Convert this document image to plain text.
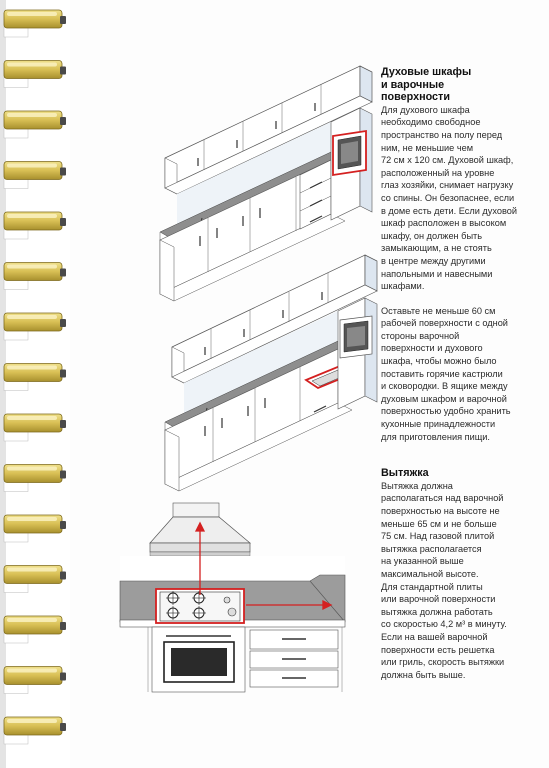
Духовые шкафы

и варочные

поверхности

Для духового шкафа

необходимо свободное

пространство на полу перед

ним, не меньшие чем

72 см х 120 см. Духовой шкаф,

расположенный на уровне

глаз хозяйки, снимает нагрузку

со спины. Он безопаснее, если

в доме есть дети. Если духовой

шкаф расположен в высоком

шкафу, он должен быть

замыкающим, а не стоять

в центре между другими

напольными и навесными

шкафами.

Оставьте не меньше 60 см

рабочей поверхности с одной

стороны варочной

поверхности и духового

шкафа, чтобы можно было

поставить горячие кастрюли

и сковородки. В ящике между

духовым шкафом и варочной

поверхностью удобно хранить

кухонные принадлежности

для приготовления пищи.

Вытяжка

Вытяжка должна

располагаться над варочной

поверхностью на высоте не

меньше 65 см и не больше

75 см. Над газовой плитой

вытяжка располагается

на указанной выше

максимальной высоте.

Для стандартной плиты

или варочной поверхности

вытяжка должна работать

со скоростью 4,2 м³ в минуту.

Если на вашей варочной

поверхности есть решетка

или гриль, скорость вытяжки

должна быть выше.
